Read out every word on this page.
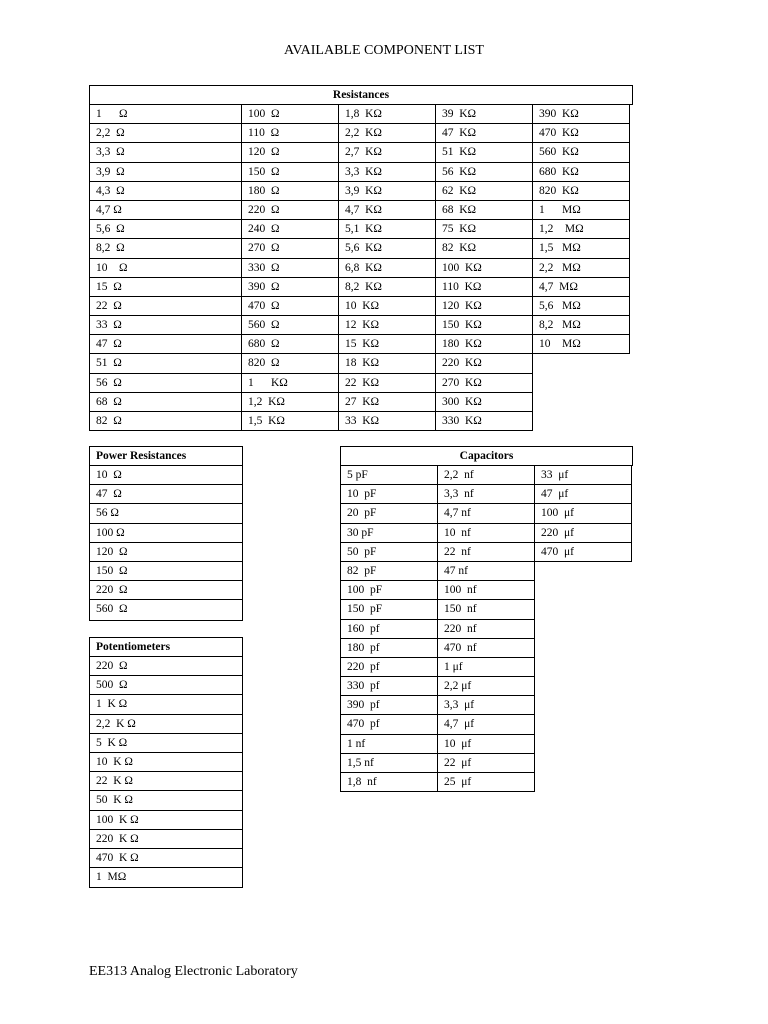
AVAILABLE COMPONENT LIST
Resistances
1      Ω	100  Ω	1,8  KΩ	39  KΩ	390  KΩ
2,2  Ω	110  Ω	2,2  KΩ	47  KΩ	470  KΩ
3,3  Ω	120  Ω	2,7  KΩ	51  KΩ	560  KΩ
3,9  Ω	150  Ω	3,3  KΩ	56  KΩ	680  KΩ
4,3  Ω	180  Ω	3,9  KΩ	62  KΩ	820  KΩ
4,7 Ω	220  Ω	4,7  KΩ	68  KΩ	1      MΩ
5,6  Ω	240  Ω	5,1  KΩ	75  KΩ	1,2    MΩ
8,2  Ω	270  Ω	5,6  KΩ	82  KΩ	1,5   MΩ
10    Ω	330  Ω	6,8  KΩ	100  KΩ	2,2   MΩ
15  Ω	390  Ω	8,2  KΩ	110  KΩ	4,7  MΩ
22  Ω	470  Ω	10  KΩ	120  KΩ	5,6   MΩ
33  Ω	560  Ω	12  KΩ	150  KΩ	8,2   MΩ
47  Ω	680  Ω	15  KΩ	180  KΩ	10    MΩ
51  Ω	820  Ω	18  KΩ	220  KΩ
56  Ω	1      KΩ	22  KΩ	270  KΩ
68  Ω	1,2  KΩ	27  KΩ	300  KΩ
82  Ω	1,5  KΩ	33  KΩ	330  KΩ
Power Resistances
10  Ω
47  Ω
56 Ω
100 Ω
120  Ω
150  Ω
220  Ω
560  Ω
Potentiometers
220  Ω
500  Ω
1  K Ω
2,2  K Ω
5  K Ω
10  K Ω
22  K Ω
50  K Ω
100  K Ω
220  K Ω
470  K Ω
1  MΩ
Capacitors
5 pF	2,2  nf	33  μf
10  pF	3,3  nf	47  μf
20  pF	4,7 nf	100  μf
30 pF	10  nf	220  μf
50  pF	22  nf	470  μf
82  pF	47 nf
100  pF	100  nf
150  pF	150  nf
160  pf	220  nf
180  pf	470  nf
220  pf	1 μf
330  pf	2,2 μf
390  pf	3,3  μf
470  pf	4,7  μf
1 nf	10  μf
1,5 nf	22  μf
1,8  nf	25  μf
EE313 Analog Electronic Laboratory
